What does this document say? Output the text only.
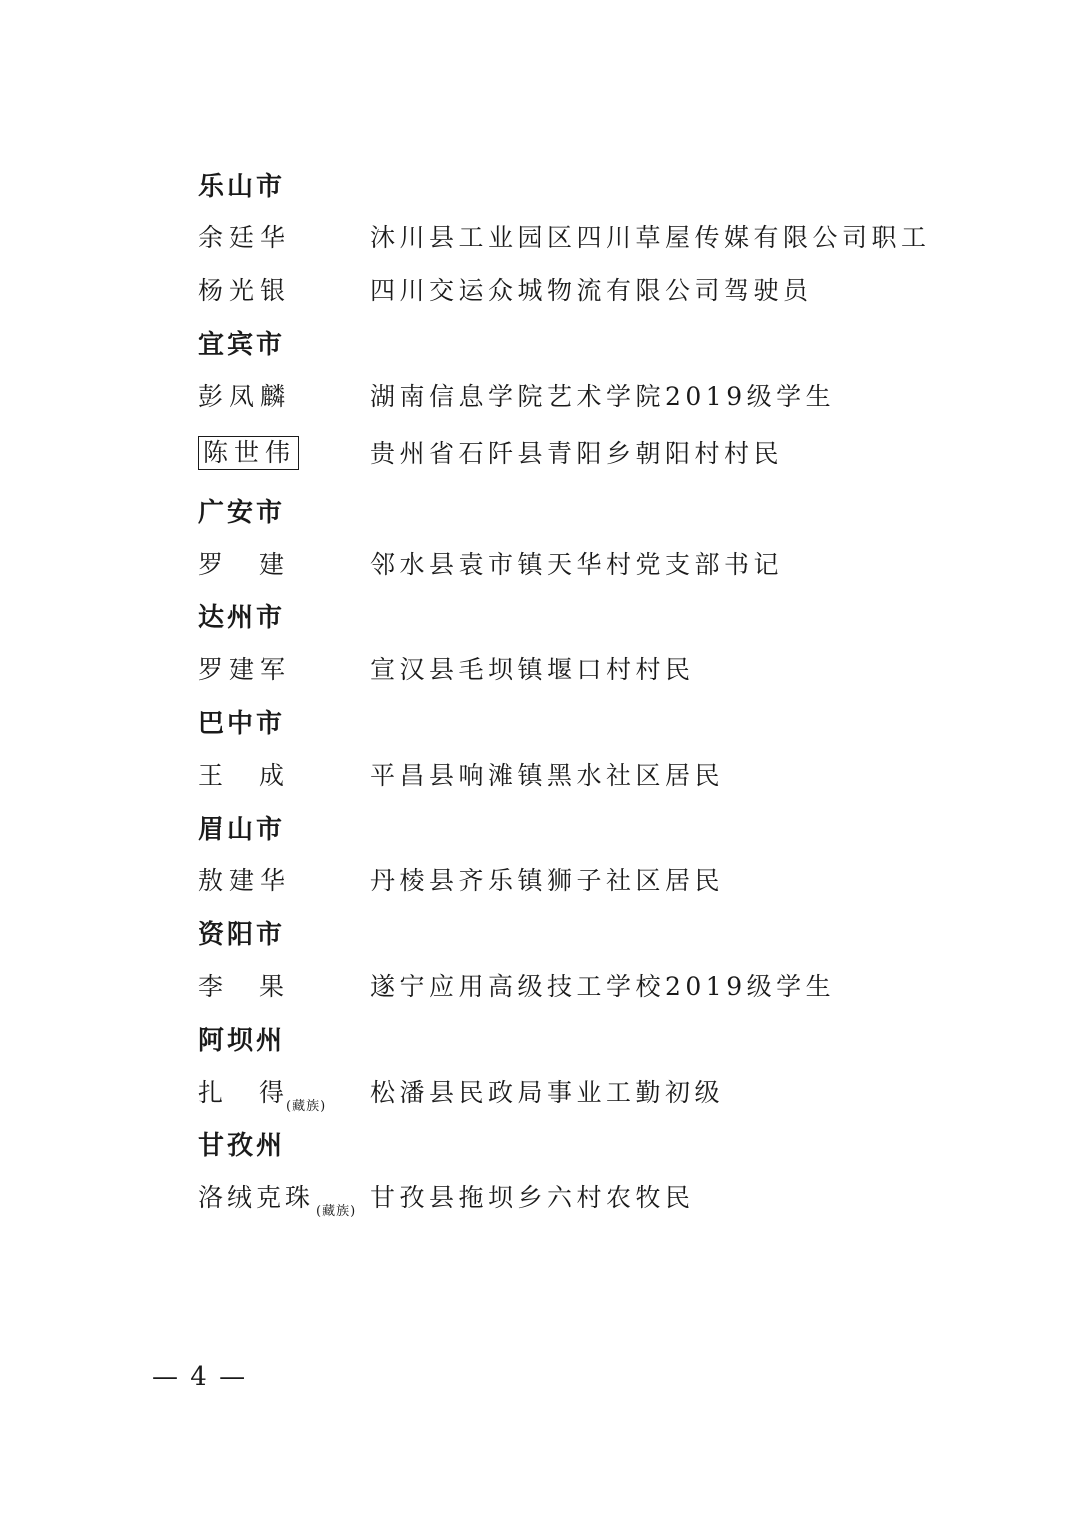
乐山市
余廷华	沐川县工业园区四川草屋传媒有限公司职工
杨光银	四川交运众城物流有限公司驾驶员
宜宾市
彭凤麟	湖南信息学院艺术学院2019级学生
陈世伟	贵州省石阡县青阳乡朝阳村村民
广安市
罗 建	邻水县袁市镇天华村党支部书记
达州市
罗建军	宣汉县毛坝镇堰口村村民
巴中市
王 成	平昌县响滩镇黑水社区居民
眉山市
敖建华	丹棱县齐乐镇狮子社区居民
资阳市
李 果	遂宁应用高级技工学校2019级学生
阿坝州
扎 得 $_{(藏族)}$ 松潘县民政局事业工勤初级
甘孜州
洛绒克珠 $_{(藏族)}$ 甘孜县拖坝乡六村农牧民
— 4 —
